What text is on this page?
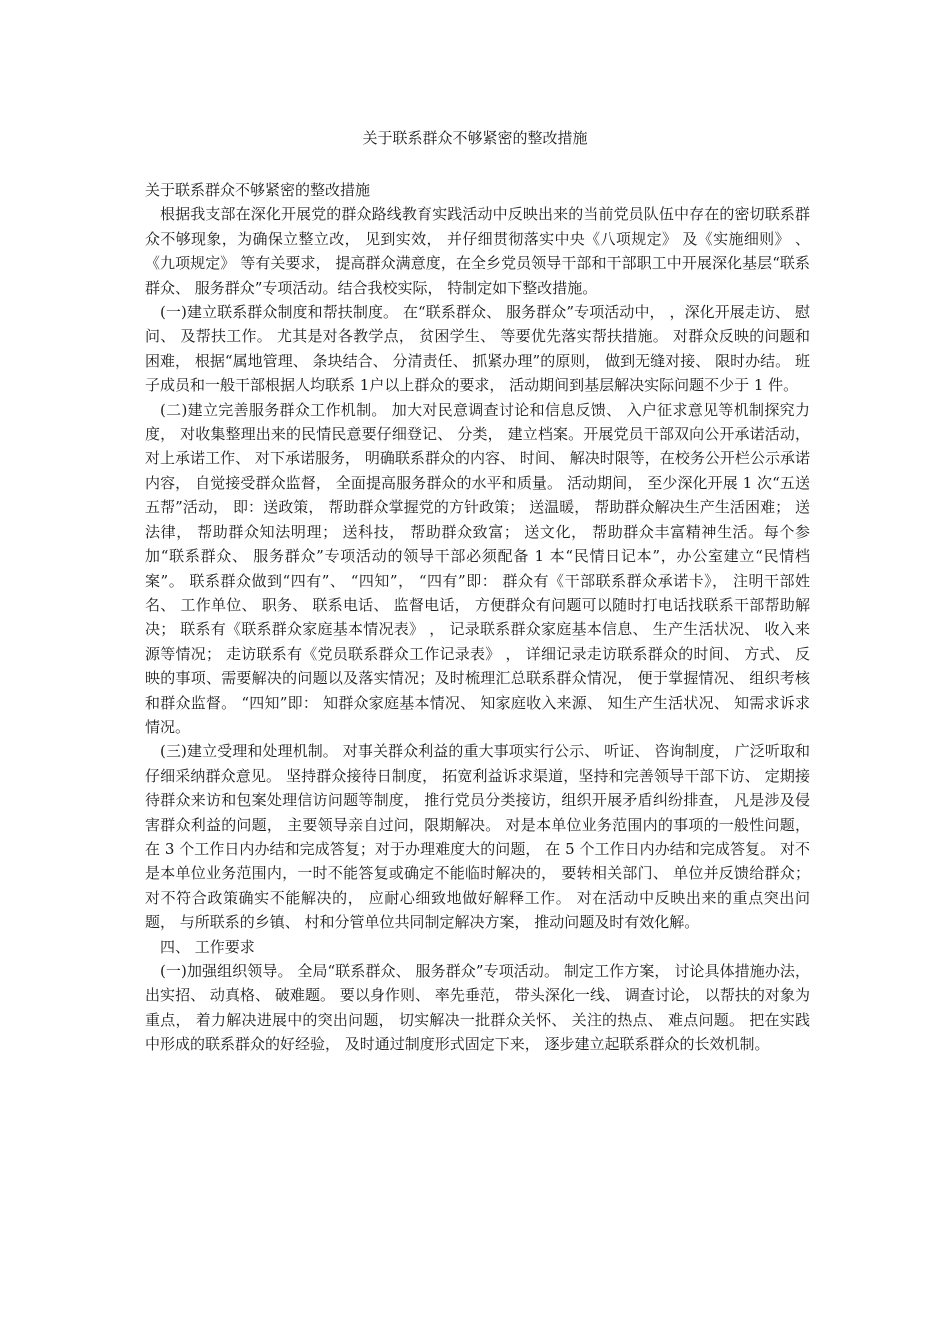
关于联系群众不够紧密的整改措施

关于联系群众不够紧密的整改措施

根据我支部在深化开展党的群众路线教育实践活动中反映出来的当前党员队伍中存在的密切联系群众不够现象，为确保立整立改， 见到实效， 并仔细贯彻落实中央《八项规定》 及《实施细则》 、 《九项规定》 等有关要求， 提高群众满意度，在全乡党员领导干部和干部职工中开展深化基层“联系群众、 服务群众”专项活动。结合我校实际， 特制定如下整改措施。

(一)建立联系群众制度和帮扶制度。 在“联系群众、 服务群众”专项活动中， ，深化开展走访、 慰问、 及帮扶工作。 尤其是对各教学点， 贫困学生、 等要优先落实帮扶措施。 对群众反映的问题和困难， 根据“属地管理、 条块结合、 分清责任、 抓紧办理”的原则， 做到无缝对接、 限时办结。 班子成员和一般干部根据人均联系 1户以上群众的要求， 活动期间到基层解决实际问题不少于 1 件。

(二)建立完善服务群众工作机制。 加大对民意调查讨论和信息反馈、 入户征求意见等机制探究力度， 对收集整理出来的民情民意要仔细登记、 分类， 建立档案。开展党员干部双向公开承诺活动，对上承诺工作、 对下承诺服务， 明确联系群众的内容、 时间、 解决时限等，在校务公开栏公示承诺内容， 自觉接受群众监督， 全面提高服务群众的水平和质量。 活动期间， 至少深化开展 1 次“五送五帮”活动， 即：送政策， 帮助群众掌握党的方针政策； 送温暖， 帮助群众解决生产生活困难； 送法律， 帮助群众知法明理； 送科技， 帮助群众致富； 送文化， 帮助群众丰富精神生活。每个参加“联系群众、 服务群众”专项活动的领导干部必须配备 1 本“民情日记本”，办公室建立“民情档案”。 联系群众做到“四有”、 “四知”， “四有”即： 群众有《干部联系群众承诺卡》， 注明干部姓名、 工作单位、 职务、 联系电话、 监督电话， 方便群众有问题可以随时打电话找联系干部帮助解决； 联系有《联系群众家庭基本情况表》 ， 记录联系群众家庭基本信息、 生产生活状况、 收入来源等情况； 走访联系有《党员联系群众工作记录表》 ， 详细记录走访联系群众的时间、 方式、 反映的事项、需要解决的问题以及落实情况；及时梳理汇总联系群众情况， 便于掌握情况、 组织考核和群众监督。 “四知”即： 知群众家庭基本情况、 知家庭收入来源、 知生产生活状况、 知需求诉求情况。

(三)建立受理和处理机制。 对事关群众利益的重大事项实行公示、 听证、 咨询制度， 广泛听取和仔细采纳群众意见。 坚持群众接待日制度， 拓宽利益诉求渠道，坚持和完善领导干部下访、 定期接待群众来访和包案处理信访问题等制度， 推行党员分类接访，组织开展矛盾纠纷排查， 凡是涉及侵害群众利益的问题， 主要领导亲自过问，限期解决。 对是本单位业务范围内的事项的一般性问题， 在 3 个工作日内办结和完成答复；对于办理难度大的问题， 在 5 个工作日内办结和完成答复。 对不是本单位业务范围内，一时不能答复或确定不能临时解决的， 要转相关部门、 单位并反馈给群众；对不符合政策确实不能解决的， 应耐心细致地做好解释工作。 对在活动中反映出来的重点突出问题， 与所联系的乡镇、 村和分管单位共同制定解决方案， 推动问题及时有效化解。

四、 工作要求

(一)加强组织领导。 全局“联系群众、 服务群众”专项活动。 制定工作方案， 讨论具体措施办法， 出实招、 动真格、 破难题。 要以身作则、 率先垂范， 带头深化一线、 调查讨论， 以帮扶的对象为重点， 着力解决进展中的突出问题， 切实解决一批群众关怀、 关注的热点、 难点问题。 把在实践中形成的联系群众的好经验， 及时通过制度形式固定下来， 逐步建立起联系群众的长效机制。
